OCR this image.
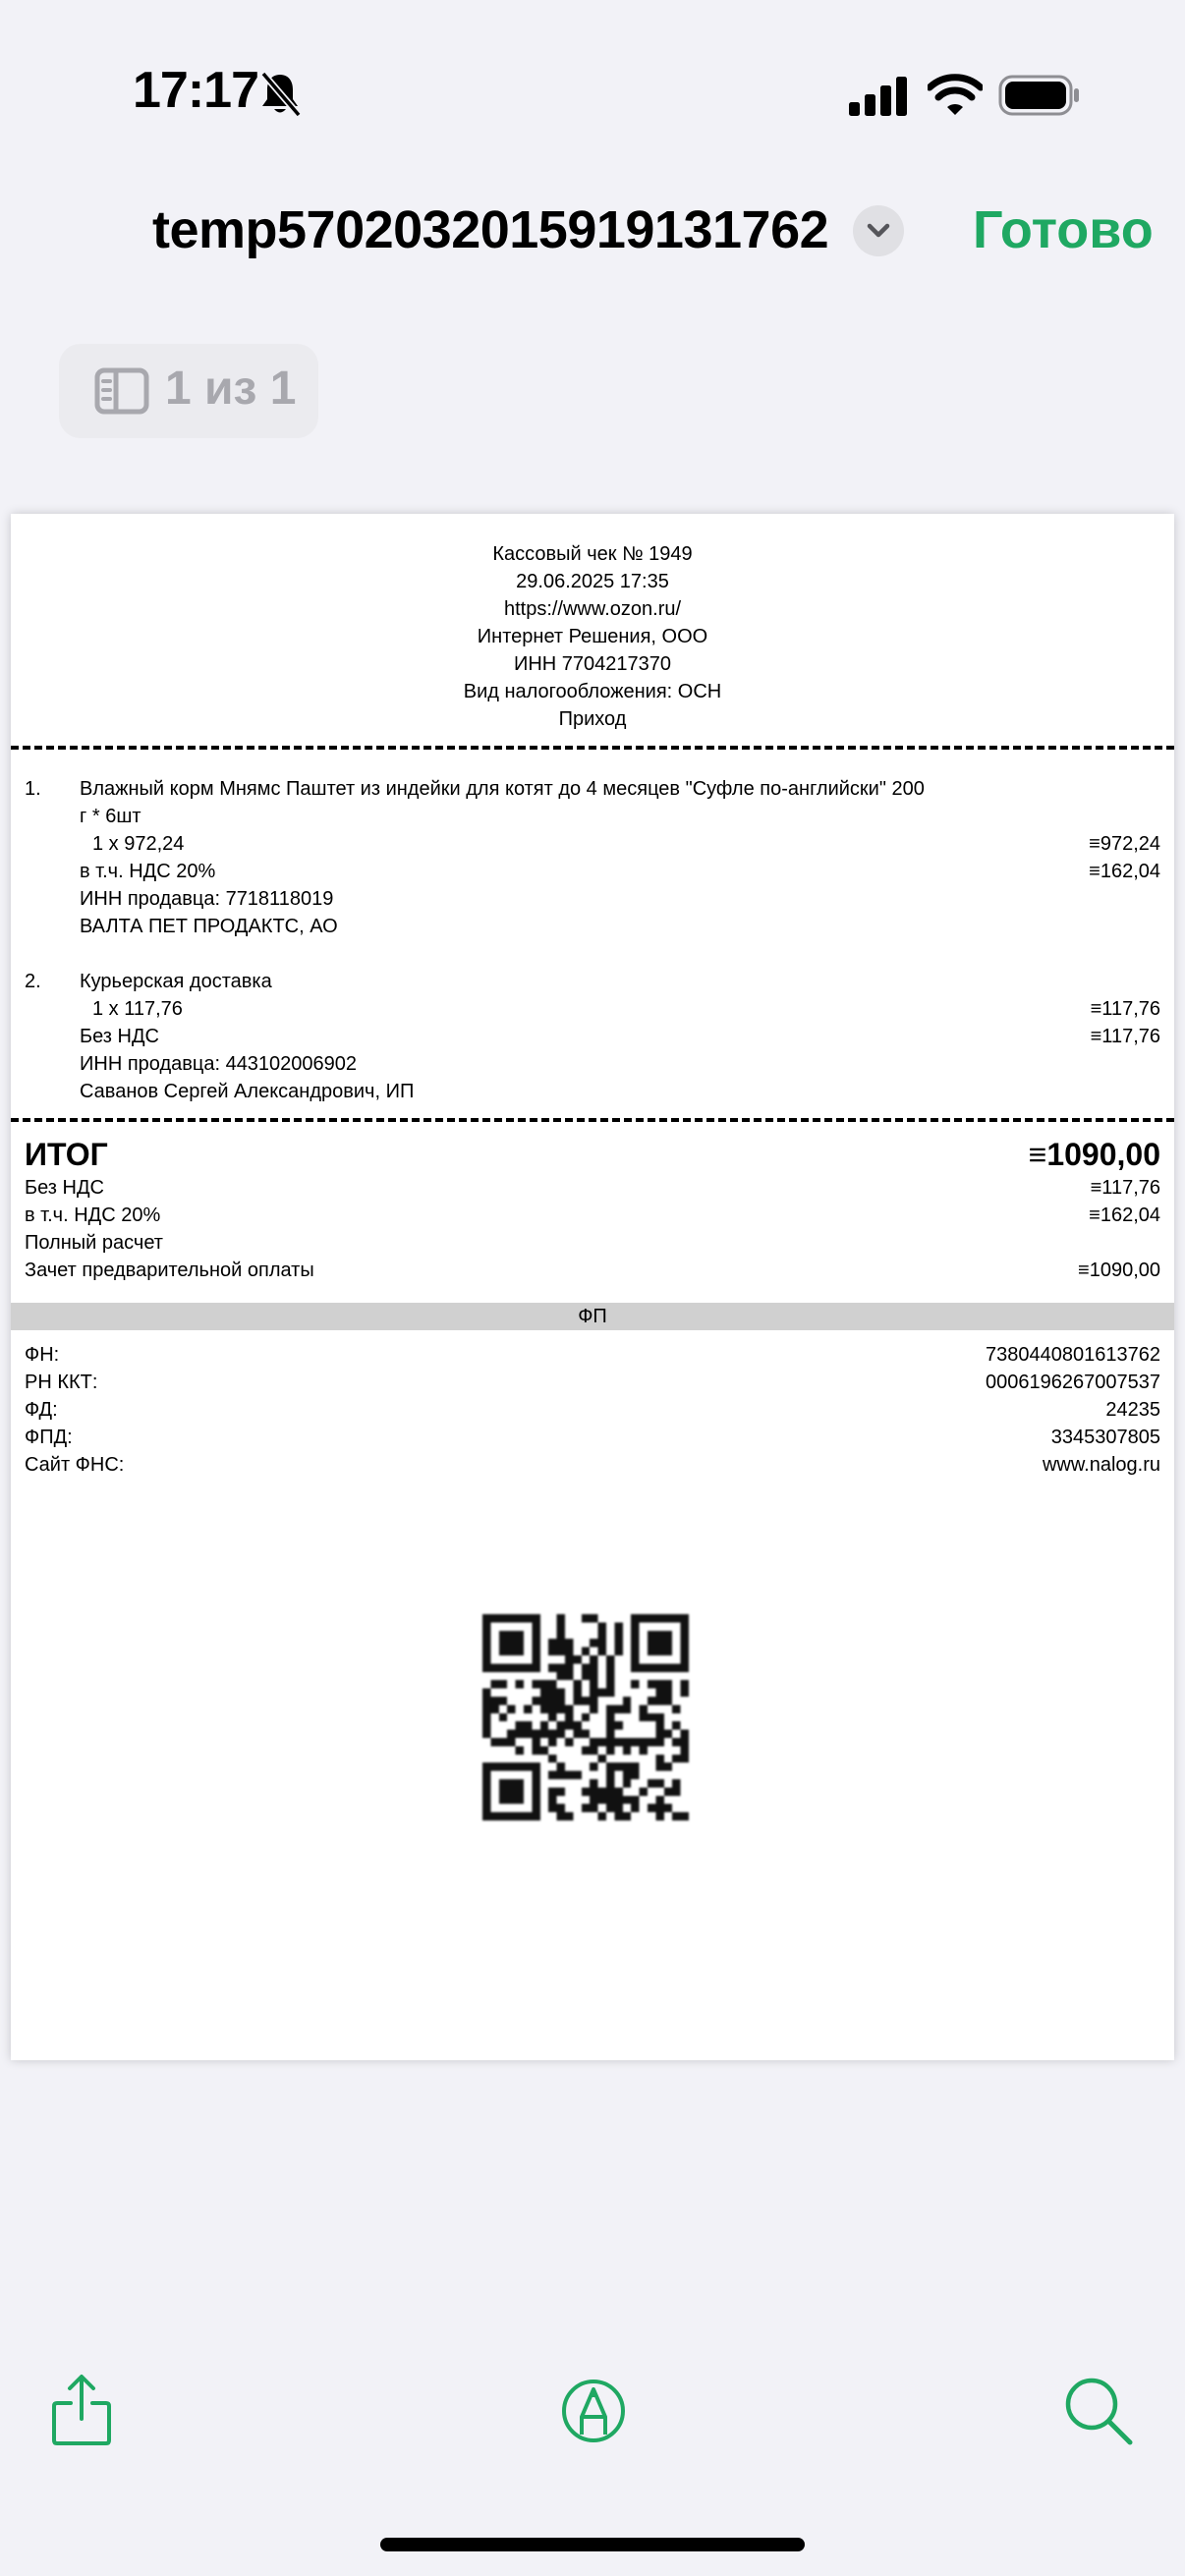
17:17
temp5702032015919131762	Готово
1 из 1
Кассовый чек № 1949
29.06.2025 17:35
https://www.ozon.ru/
Интернет Решения, ООО
ИНН 7704217370
Вид налогообложения: ОСН
Приход
1. Влажный корм Мнямс Паштет из индейки для котят до 4 месяцев "Суфле по-английски" 200
г * 6шт
1 x 972,24	≡972,24
в т.ч. НДС 20%	≡162,04
ИНН продавца: 7718118019
ВАЛТА ПЕТ ПРОДАКТС, АО
2. Курьерская доставка
1 x 117,76	≡117,76
Без НДС	≡117,76
ИНН продавца: 443102006902
Саванов Сергей Александрович, ИП
ИТОГ	≡1090,00
Без НДС	≡117,76
в т.ч. НДС 20%	≡162,04
Полный расчет
Зачет предварительной оплаты	≡1090,00
ФП
ФН:	7380440801613762
РН ККТ:	0006196267007537
ФД:	24235
ФПД:	3345307805
Сайт ФНС:	www.nalog.ru
